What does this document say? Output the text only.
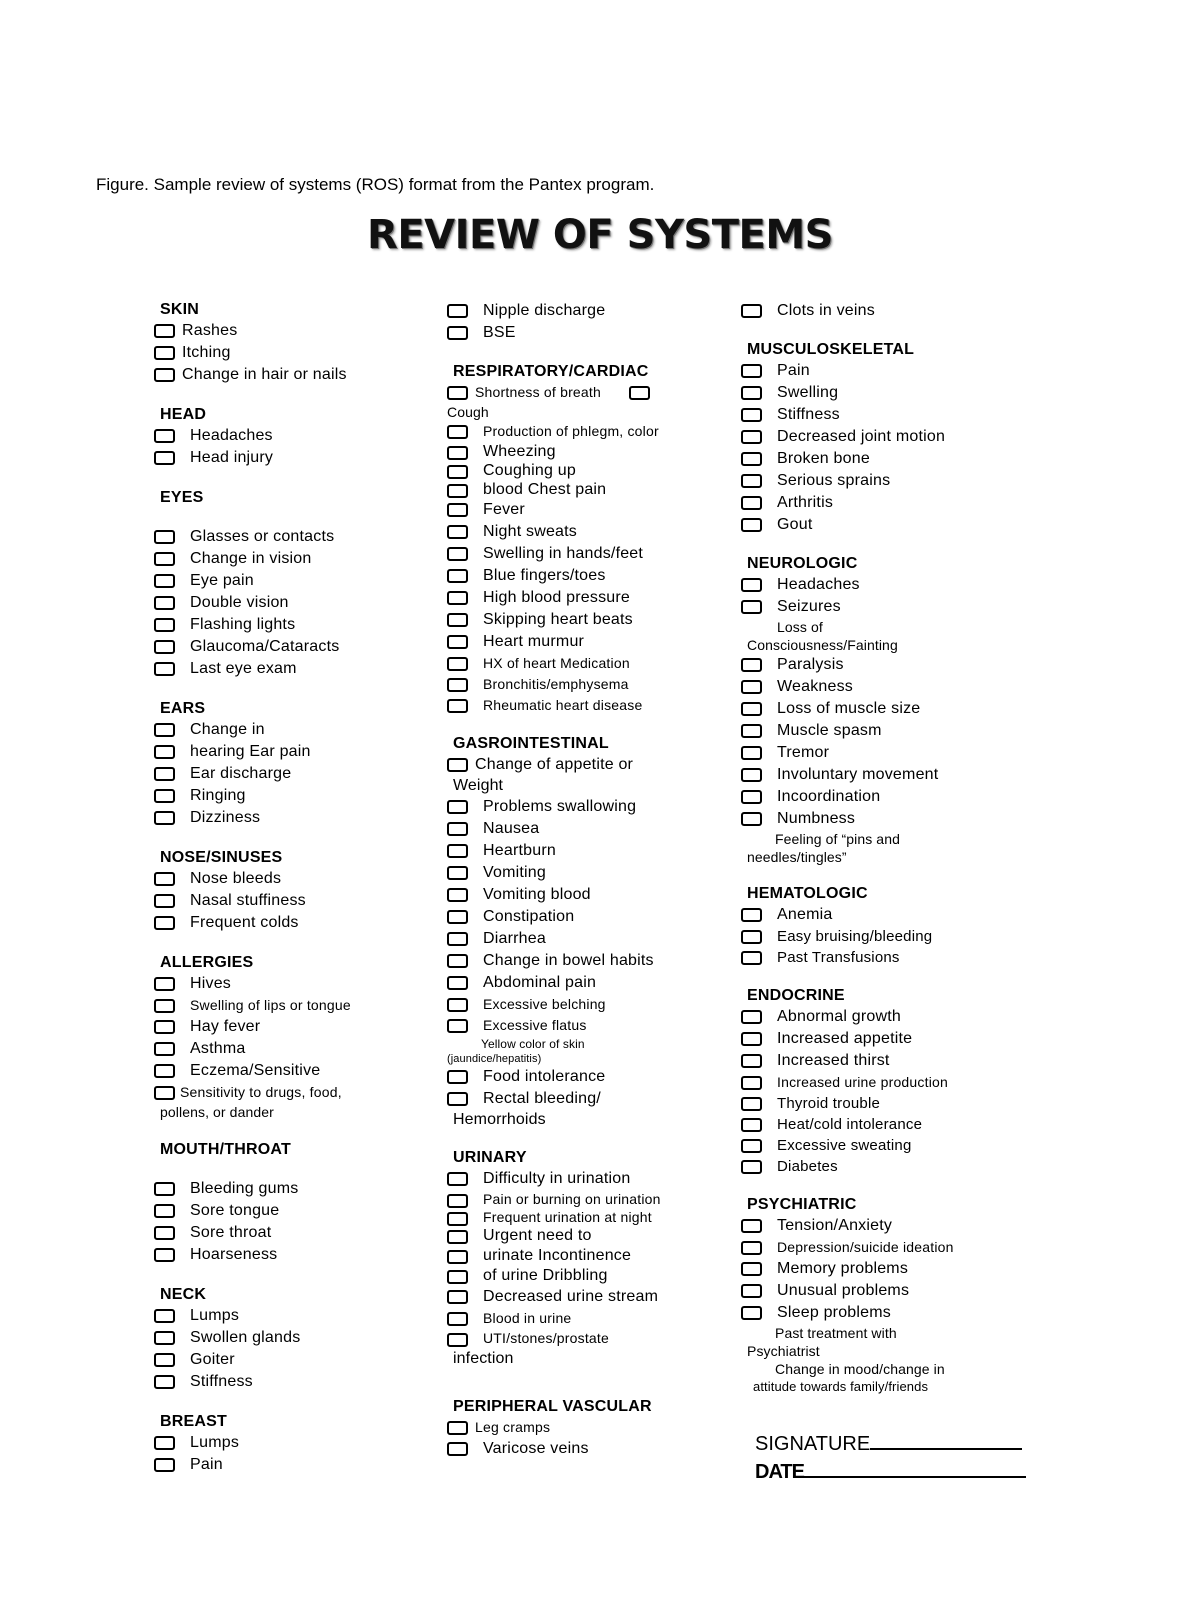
Figure. Sample review of systems (ROS) format from the Pantex program.
REVIEW OF SYSTEMS
SKIN
Rashes
Itching
Change in hair or nails
HEAD
Headaches
Head injury
EYES
Glasses or contacts
Change in vision
Eye pain
Double vision
Flashing lights
Glaucoma/Cataracts
Last eye exam
EARS
Change in
hearing Ear pain
Ear discharge
Ringing
Dizziness
NOSE/SINUSES
Nose bleeds
Nasal stuffiness
Frequent colds
ALLERGIES
Hives
Swelling of lips or tongue
Hay fever
Asthma
Eczema/Sensitive
Sensitivity to drugs, food,
pollens, or dander
MOUTH/THROAT
Bleeding gums
Sore tongue
Sore throat
Hoarseness
NECK
Lumps
Swollen glands
Goiter
Stiffness
BREAST
Lumps
Pain
Nipple discharge
BSE
RESPIRATORY/CARDIAC
Shortness of breath
Cough
Production of phlegm, color
Wheezing
Coughing up
blood Chest pain
Fever
Night sweats
Swelling in hands/feet
Blue fingers/toes
High blood pressure
Skipping heart beats
Heart murmur
HX of heart Medication
Bronchitis/emphysema
Rheumatic heart disease
GASROINTESTINAL
Change of appetite or
Weight
Problems swallowing
Nausea
Heartburn
Vomiting
Vomiting blood
Constipation
Diarrhea
Change in bowel habits
Abdominal pain
Excessive belching
Excessive flatus
Yellow color of skin
(jaundice/hepatitis)
Food intolerance
Rectal bleeding/
Hemorrhoids
URINARY
Difficulty in urination
Pain or burning on urination
Frequent urination at night
Urgent need to
urinate Incontinence
of urine Dribbling
Decreased urine stream
Blood in urine
UTI/stones/prostate
infection
PERIPHERAL VASCULAR
Leg cramps
Varicose veins
Clots in veins
MUSCULOSKELETAL
Pain
Swelling
Stiffness
Decreased joint motion
Broken bone
Serious sprains
Arthritis
Gout
NEUROLOGIC
Headaches
Seizures
Loss of
Consciousness/Fainting
Paralysis
Weakness
Loss of muscle size
Muscle spasm
Tremor
Involuntary movement
Incoordination
Numbness
Feeling of “pins and
needles/tingles”
HEMATOLOGIC
Anemia
Easy bruising/bleeding
Past Transfusions
ENDOCRINE
Abnormal growth
Increased appetite
Increased thirst
Increased urine production
Thyroid trouble
Heat/cold intolerance
Excessive sweating
Diabetes
PSYCHIATRIC
Tension/Anxiety
Depression/suicide ideation
Memory problems
Unusual problems
Sleep problems
Past treatment with
Psychiatrist
Change in mood/change in
attitude towards family/friends
SIGNATURE
DATE
